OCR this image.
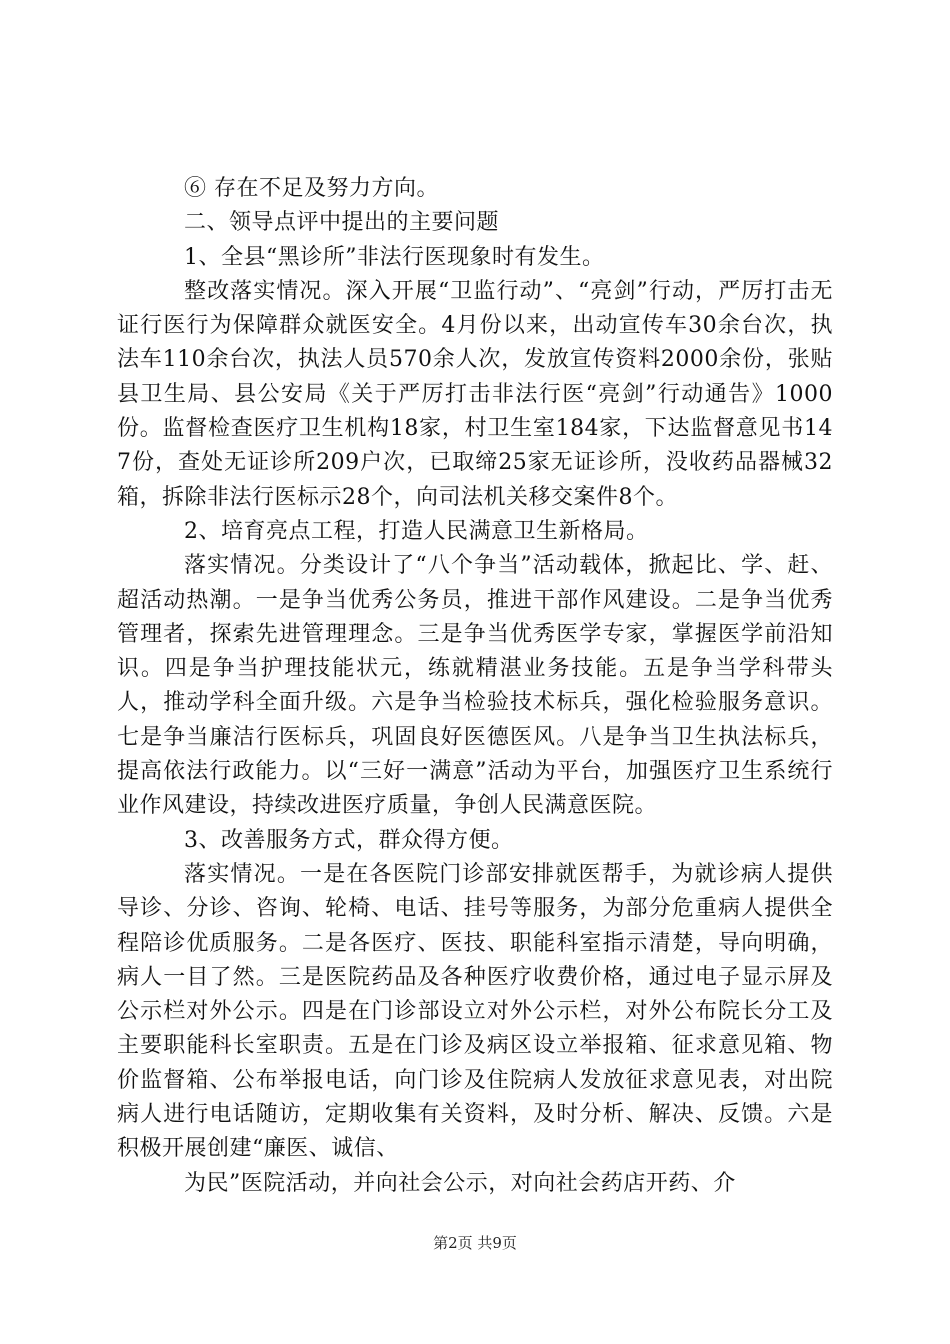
⑥ 存在不足及努力方向。

二、领导点评中提出的主要问题

1、全县“黑诊所”非法行医现象时有发生。

整改落实情况。深入开展“卫监行动”、“亮剑”行动，严厉打击无证行医行为保障群众就医安全。4月份以来，出动宣传车30余台次，执法车110余台次，执法人员570余人次，发放宣传资料2000余份，张贴县卫生局、县公安局《关于严厉打击非法行医“亮剑”行动通告》1000份。监督检查医疗卫生机构18家，村卫生室184家，下达监督意见书147份，查处无证诊所209户次，已取缔25家无证诊所，没收药品器械32箱，拆除非法行医标示28个，向司法机关移交案件8个。

2、培育亮点工程，打造人民满意卫生新格局。

落实情况。分类设计了“八个争当”活动载体，掀起比、学、赶、超活动热潮。一是争当优秀公务员，推进干部作风建设。二是争当优秀管理者，探索先进管理理念。三是争当优秀医学专家，掌握医学前沿知识。四是争当护理技能状元，练就精湛业务技能。五是争当学科带头人，推动学科全面升级。六是争当检验技术标兵，强化检验服务意识。七是争当廉洁行医标兵，巩固良好医德医风。八是争当卫生执法标兵，提高依法行政能力。以“三好一满意”活动为平台，加强医疗卫生系统行业作风建设，持续改进医疗质量，争创人民满意医院。

3、改善服务方式，群众得方便。

落实情况。一是在各医院门诊部安排就医帮手，为就诊病人提供导诊、分诊、咨询、轮椅、电话、挂号等服务，为部分危重病人提供全程陪诊优质服务。二是各医疗、医技、职能科室指示清楚，导向明确，病人一目了然。三是医院药品及各种医疗收费价格，通过电子显示屏及公示栏对外公示。四是在门诊部设立对外公示栏，对外公布院长分工及主要职能科长室职责。五是在门诊及病区设立举报箱、征求意见箱、物价监督箱、公布举报电话，向门诊及住院病人发放征求意见表，对出院病人进行电话随访，定期收集有关资料，及时分析、解决、反馈。六是积极开展创建“廉医、诚信、

为民”医院活动，并向社会公示，对向社会药店开药、介

第2页 共9页
